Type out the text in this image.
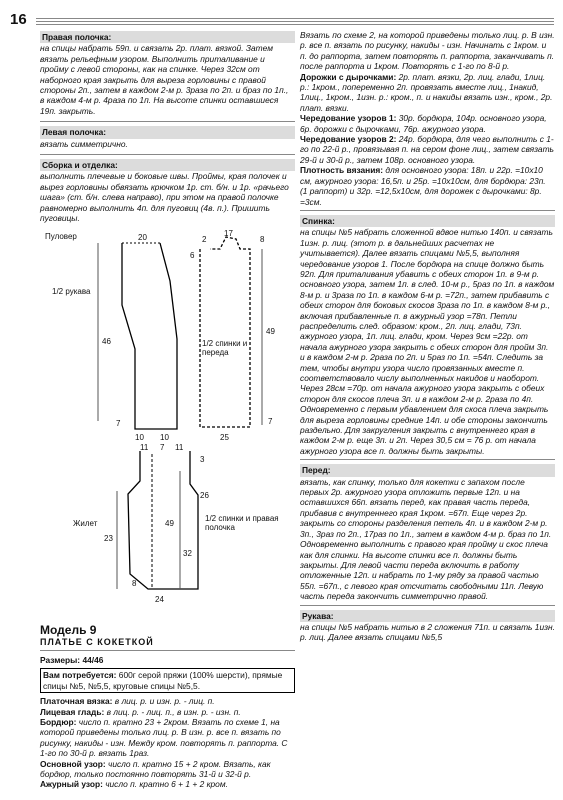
16
Правая полочка:

на спицы набрать 59п. и связать 2р. плат. вязкой. Затем вязать рельефным узором. Выполнить приталивание и пройму с левой стороны, как на спинке. Через 32см от наборного края закрыть для выреза горловины с правой стороны 2п., затем в каждом 2-м р. 3раза по 2п. и браз по 1п., в каждом 4-м р. 4раза по 1п. На высоте спинки оставшиеся 19п. закрыть.

Левая полочка:

вязать симметрично.

Сборка и отделка:

выполнить плечевые и боковые швы. Проймы, края полочек и вырез горловины обвязать крючком 1р. ст. б/н. и 1р. «рачьего шага» (ст. б/н. слева направо), при этом на правой полочке равномерно выполнить 4п. для пуговиц (4в. п.). Пришить пуговицы.

Пуловер
1/2 рукава
1/2 спинки и переда
Жилет
1/2 спинки и правая полочка
20
46
7
10 10
2
17
8
6
49
7
25
11 7 11
3
26
23
32
49
8
24
Модель 9
ПЛАТЬЕ С КОКЕТКОЙ

Размеры: 44/46

Вам потребуется: 600г серой пряжи (100% шерсти), прямые спицы №5, №5,5, круговые спицы №5,5.

Платочная вязка: в лиц. р. и изн. р. - лиц. п.

Лицевая гладь: в лиц. р. - лиц. п., в изн. р. - изн. п.

Бордюр: число п. кратно 23 + 2кром. Вязать по схеме 1, на которой приведены только лиц. р. В изн. р. все п. вязать по рисунку, накиды - изн. Между кром. повторять п. раппорта. С 1-го по 30-й р. вязать 1раз.

Основной узор: число п. кратно 15 + 2 кром. Вязать, как бордюр, только постоянно повторять 31-й и 32-й р.

Ажурный узор: число п. кратно 6 + 1 + 2 кром.

Вязать по схеме 2, на которой приведены только лиц. р. В изн. р. все п. вязать по рисунку, накиды - изн. Начинать с 1кром. и п. до раппорта, затем повторять п. раппорта, заканчивать п. после раппорта и 1кром. Повторять с 1-го по 8-й р.

Дорожки с дырочками: 2р. плат. вязки, 2р. лиц. глади, 1лиц. р.: 1кром., попеременно 2п. провязать вместе лиц., 1накид, 1лиц., 1кром., 1изн. р.: кром., п. и накиды вязать изн., кром., 2р. плат. вязки.

Чередование узоров 1: 30р. бордюра, 104р. основного узора, 6р. дорожки с дырочками, 76р. ажурного узора.

Чередование узоров 2: 24р. бордюра, для чего выполнить с 1-го по 22-й р., провязывая п. на сером фоне лиц., затем связать 29-й и 30-й р., затем 108р. основного узора.

Плотность вязания: для основного узора: 18п. и 22р. =10х10 см, ажурного узора: 16,5п. и 25р. =10х10см, для бордюра: 23п. (1 раппорт) и 32р. =12,5х10см, для дорожек с дырочками: 8р. =3см.

Спинка:

на спицы №5 набрать сложенной вдвое нитью 140п. и связать 1изн. р. лиц. (этот р. в дальнейших расчетах не учитывается). Далее вязать спицами №5,5, выполняя чередование узоров 1. После бордюра на спице должно быть 92п. Для приталивания убавить с обеих сторон 1п. в 9-м р. основного узора, затем 1п. в след. 10-м р., 5раз по 1п. в каждом 8-м р. и 3раза по 1п. в каждом 6-м р. =72п., затем прибавить с обеих сторон для боковых скосов 3раза по 1п. в каждом 8-м р., включая прибавленные п. в ажурный узор =78п. Петли распределить след. образом: кром., 2п. лиц. глади, 73п. ажурного узора, 1п. лиц. глади, кром. Через 9см =22р. от начала ажурного узора закрыть с обеих сторон для пройм 3п. и в каждом 2-м р. 2раза по 2п. и 5раз по 1п. =54п. Следить за тем, чтобы внутри узора число провязанных вместе п. соответствовало числу выполненных накидов и наоборот. Через 28см =70р. от начала ажурного узора закрыть с обеих сторон для скосов плеча 3п. и в каждом 2-м р. 2раза по 4п. Одновременно с первым убавлением для скоса плеча закрыть для выреза горловины средние 14п. и обе стороны закончить раздельно. Для закругления закрыть с внутреннего края в каждом 2-м р. еще 3п. и 2п. Через 30,5 см = 76 р. от начала ажурного узора все п. должны быть закрыты.

Перед:

вязать, как спинку, только для кокетки с запахом после первых 2р. ажурного узора отложить первые 12п. и на оставшихся 66п. вязать перед, как правая часть переда, прибавив с внутреннего края 1кром. =67п. Еще через 2р. закрыть со стороны разделения петель 4п. и в каждом 2-м р. 3п., 3раз по 2п., 17раз по 1п., затем в каждом 4-м р. браз по 1п. Одновременно выполнить с правого края пройму и скос плеча как для спинки. На высоте спинки все п. должны быть закрыты. Для левой части переда включить в работу отложенные 12п. и набрать по 1-му ряду за правой частью 55п. =67п., с левого края отсчитать свободными 11п. Левую часть переда закончить симметрично правой.

Рукава:

на спицы №5 набрать нитью в 2 сложения 71п. и связать 1изн. р. лиц. Далее вязать спицами №5,5
